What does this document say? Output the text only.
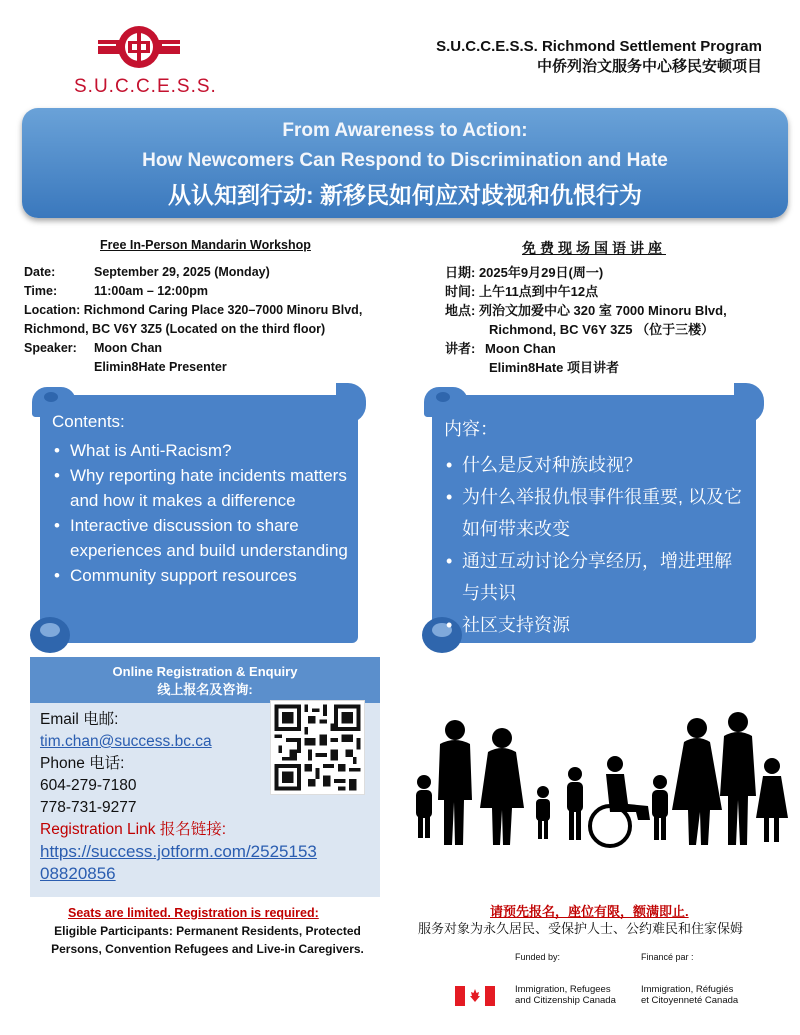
S.U.C.C.E.S.S.
S.U.C.C.E.S.S. Richmond Settlement Program
中侨列治文服务中心移民安顿项目
From Awareness to Action:
How Newcomers Can Respond to Discrimination and Hate
从认知到行动: 新移民如何应对歧视和仇恨行为
Free In-Person Mandarin Workshop
Date:	September 29, 2025 (Monday)
Time:	11:00am – 12:00pm
Location:
Richmond Caring Place 320–7000 Minoru Blvd,
Richmond, BC V6Y 3Z5 (Located on the third floor)
Speaker:	Moon Chan
Elimin8Hate Presenter
免费现场国语讲座
日期: 2025年9月29日(周一)
时间: 上午11点到中午12点
地点: 列治文加爱中心 320 室 7000 Minoru Blvd,
Richmond, BC V6Y 3Z5 （位于三楼）
讲者: Moon Chan
Elimin8Hate 项目讲者
Contents:
• What is Anti-Racism?
• Why reporting hate incidents matters and how it makes a difference
• Interactive discussion to share experiences and build understanding
• Community support resources
内容：
• 什么是反对种族歧视？
• 为什么举报仇恨事件很重要, 以及它如何带来改变
• 通过互动讨论分享经历，增进理解与共识
• 社区支持资源
Online Registration & Enquiry
线上报名及咨询:
Email 电邮:
tim.chan@success.bc.ca
Phone 电话:
604-279-7180
778-731-9277
Registration Link 报名链接:
https://success.jotform.com/2525153
08820856
Seats are limited. Registration is required:
Eligible Participants: Permanent Residents, Protected
Persons, Convention Refugees and Live-in Caregivers.
请预先报名，座位有限，额满即止.
服务对象为永久居民、受保护人士、公约难民和住家保姆
Funded by:	Financé par :
Immigration, Refugees
and Citizenship Canada
Immigration, Réfugiés
et Citoyenneté Canada
